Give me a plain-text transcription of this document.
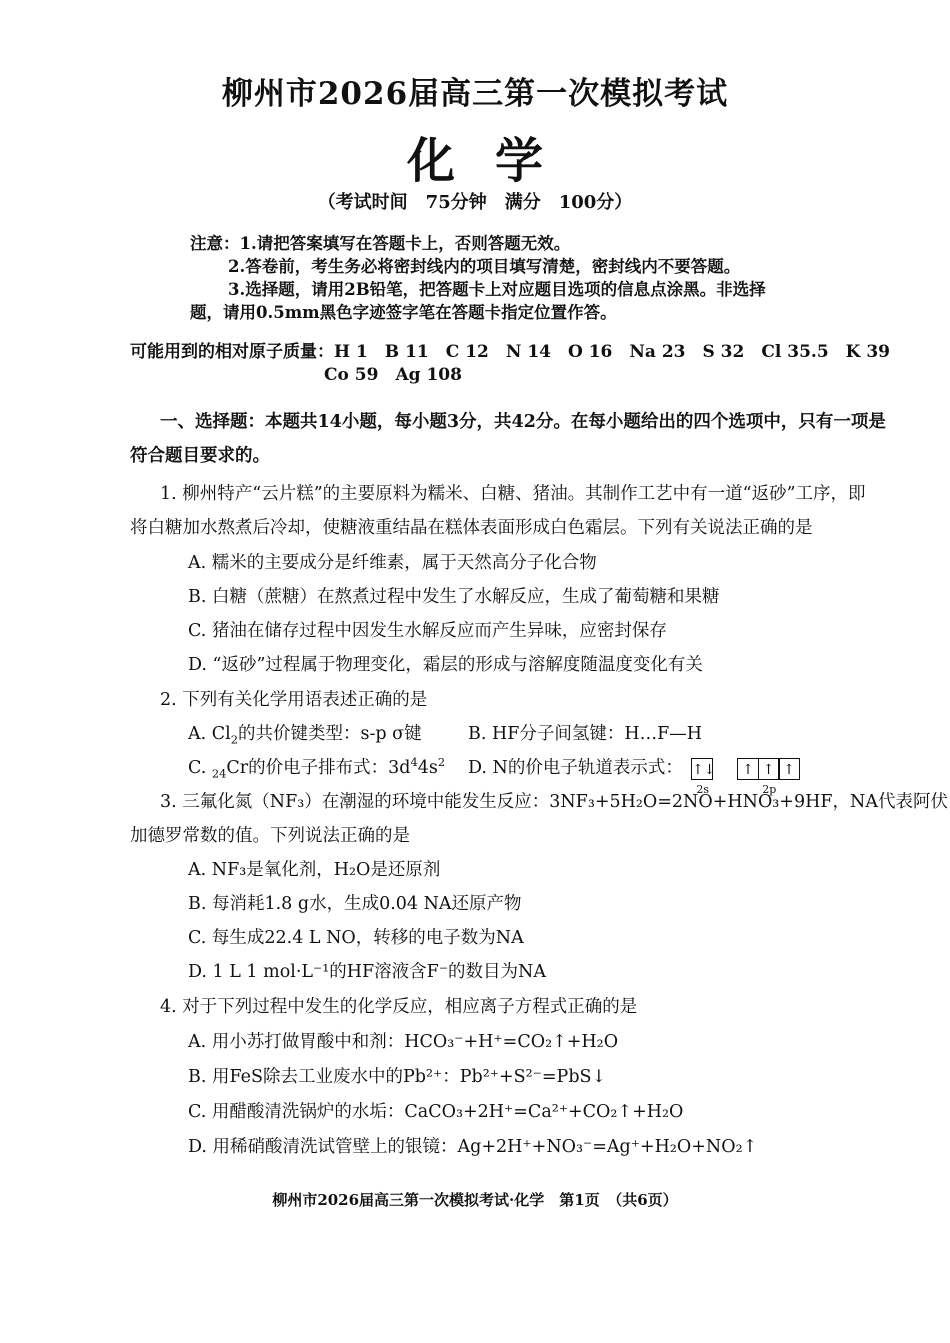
柳州市2026届高三第一次模拟考试
化学
（考试时间　75分钟　满分　100分）
注意：1.请把答案填写在答题卡上，否则答题无效。
2.答卷前，考生务必将密封线内的项目填写清楚，密封线内不要答题。
3.选择题，请用2B铅笔，把答题卡上对应题目选项的信息点涂黑。非选择
题，请用0.5mm黑色字迹签字笔在答题卡指定位置作答。
可能用到的相对原子质量：H 1　B 11　C 12　N 14　O 16　Na 23　S 32　Cl 35.5　K 39
Co 59　Ag 108
一、选择题：本题共14小题，每小题3分，共42分。在每小题给出的四个选项中，只有一项是
符合题目要求的。
1. 柳州特产“云片糕”的主要原料为糯米、白糖、猪油。其制作工艺中有一道“返砂”工序，即
将白糖加水熬煮后冷却，使糖液重结晶在糕体表面形成白色霜层。下列有关说法正确的是
A. 糯米的主要成分是纤维素，属于天然高分子化合物
B. 白糖（蔗糖）在熬煮过程中发生了水解反应，生成了葡萄糖和果糖
C. 猪油在储存过程中因发生水解反应而产生异味，应密封保存
D. “返砂”过程属于物理变化，霜层的形成与溶解度随温度变化有关
2. 下列有关化学用语表述正确的是
A. $Cl_2$的共价键类型：s-p σ键	B. HF分子间氢键：H…F—H
C. $_{24}$Cr的价电子排布式：$3d^44s^2$ D. N的价电子轨道表示式： ↑↓
2s
↑ ↑ ↑
2p
3. 三氟化氮（NF₃）在潮湿的环境中能发生反应：3NF₃+5H₂O=2NO+HNO₃+9HF，NA代表阿伏
加德罗常数的值。下列说法正确的是
A. NF₃是氧化剂，H₂O是还原剂
B. 每消耗1.8 g水，生成0.04 NA还原产物
C. 每生成22.4 L NO，转移的电子数为NA
D. 1 L 1 mol·L⁻¹的HF溶液含F⁻的数目为NA
4. 对于下列过程中发生的化学反应，相应离子方程式正确的是
A. 用小苏打做胃酸中和剂：HCO₃⁻+H⁺=CO₂↑+H₂O
B. 用FeS除去工业废水中的Pb²⁺：Pb²⁺+S²⁻=PbS↓
C. 用醋酸清洗锅炉的水垢：CaCO₃+2H⁺=Ca²⁺+CO₂↑+H₂O
D. 用稀硝酸清洗试管壁上的银镜：Ag+2H⁺+NO₃⁻=Ag⁺+H₂O+NO₂↑
柳州市2026届高三第一次模拟考试·化学　第1页　（共6页）
